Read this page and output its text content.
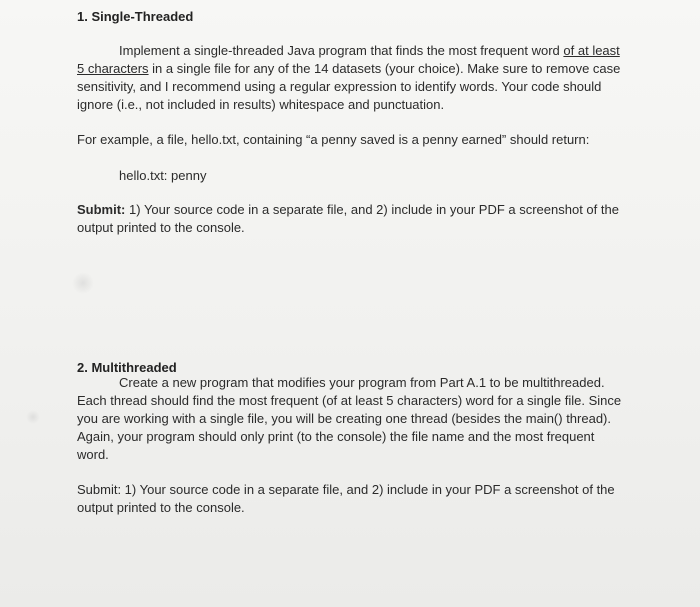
1. Single-Threaded
Implement a single-threaded Java program that finds the most frequent word of at least
5 characters in a single file for any of the 14 datasets (your choice). Make sure to remove case
sensitivity, and I recommend using a regular expression to identify words. Your code should
ignore (i.e., not included in results) whitespace and punctuation.
For example, a file, hello.txt, containing “a penny saved is a penny earned” should return:
hello.txt: penny
Submit: 1) Your source code in a separate file, and 2) include in your PDF a screenshot of the
output printed to the console.
2. Multithreaded
Create a new program that modifies your program from Part A.1 to be multithreaded.
Each thread should find the most frequent (of at least 5 characters) word for a single file. Since
you are working with a single file, you will be creating one thread (besides the main() thread).
Again, your program should only print (to the console) the file name and the most frequent
word.
Submit: 1) Your source code in a separate file, and 2) include in your PDF a screenshot of the
output printed to the console.
